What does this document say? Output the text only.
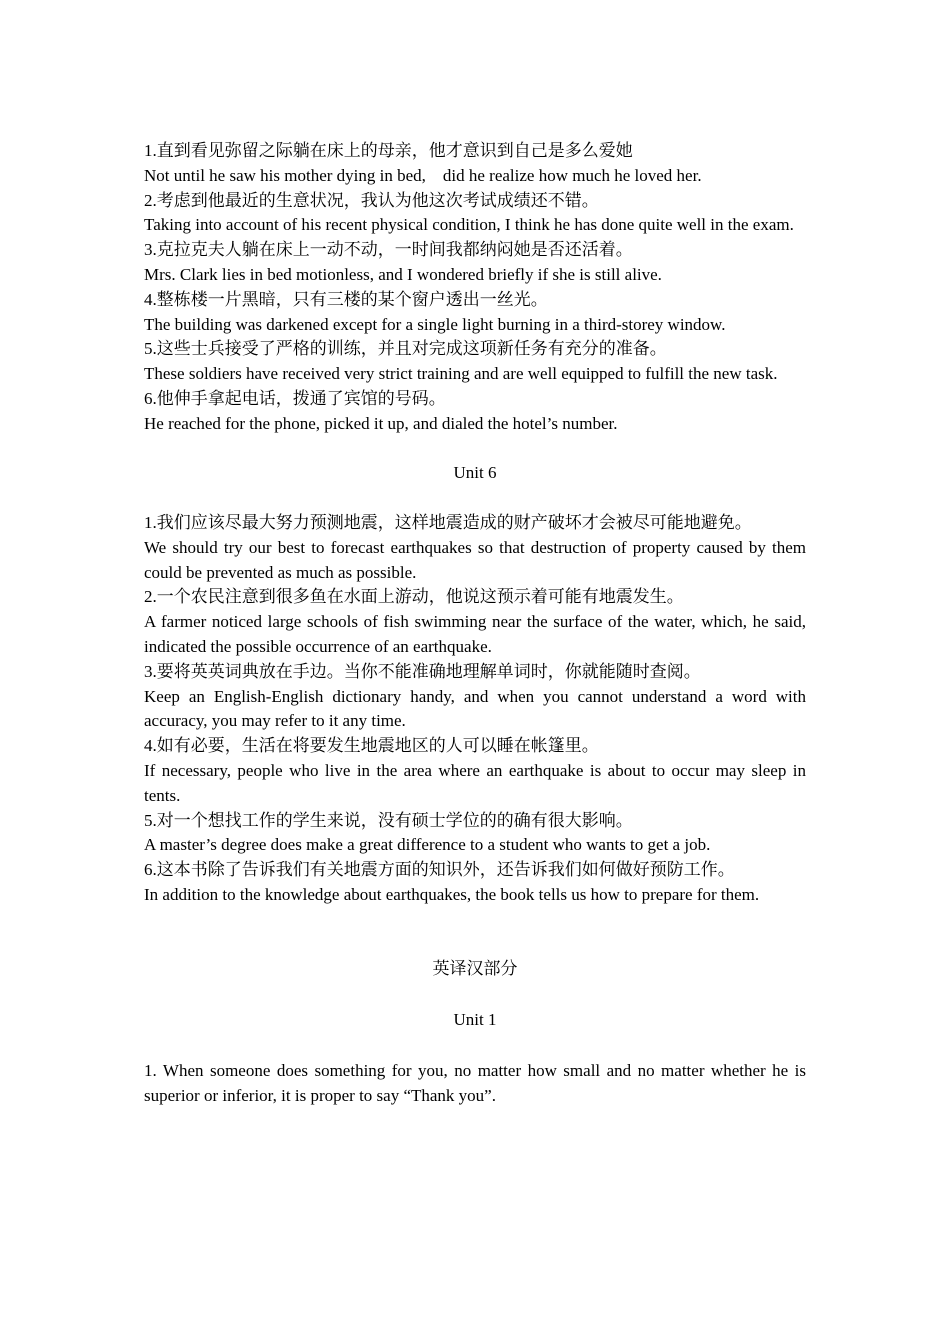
1.直到看见弥留之际躺在床上的母亲，他才意识到自己是多么爱她

Not until he saw his mother dying in bed,　did he realize how much he loved her.

2.考虑到他最近的生意状况，我认为他这次考试成绩还不错。

Taking into account of his recent physical condition, I think he has done quite well in the exam.

3.克拉克夫人躺在床上一动不动，一时间我都纳闷她是否还活着。

Mrs. Clark lies in bed motionless, and I wondered briefly if she is still alive.

4.整栋楼一片黑暗，只有三楼的某个窗户透出一丝光。

The building was darkened except for a single light burning in a third-storey window.

5.这些士兵接受了严格的训练，并且对完成这项新任务有充分的准备。

These soldiers have received very strict training and are well equipped to fulfill the new task.

6.他伸手拿起电话，拨通了宾馆的号码。

He reached for the phone, picked it up, and dialed the hotel’s number.

Unit 6

1.我们应该尽最大努力预测地震，这样地震造成的财产破坏才会被尽可能地避免。

We should try our best to forecast earthquakes so that destruction of property caused by them could be prevented as much as possible.

2.一个农民注意到很多鱼在水面上游动，他说这预示着可能有地震发生。

A farmer noticed large schools of fish swimming near the surface of the water, which, he said, indicated the possible occurrence of an earthquake.

3.要将英英词典放在手边。当你不能准确地理解单词时，你就能随时查阅。

Keep an English-English dictionary handy, and when you cannot understand a word with accuracy, you may refer to it any time.

4.如有必要，生活在将要发生地震地区的人可以睡在帐篷里。

If necessary, people who live in the area where an earthquake is about to occur may sleep in tents.

5.对一个想找工作的学生来说，没有硕士学位的的确有很大影响。

A master’s degree does make a great difference to a student who wants to get a job.

6.这本书除了告诉我们有关地震方面的知识外，还告诉我们如何做好预防工作。

In addition to the knowledge about earthquakes, the book tells us how to prepare for them.

英译汉部分

Unit 1

1. When someone does something for you, no matter how small and no matter whether he is superior or inferior, it is proper to say “Thank you”.
